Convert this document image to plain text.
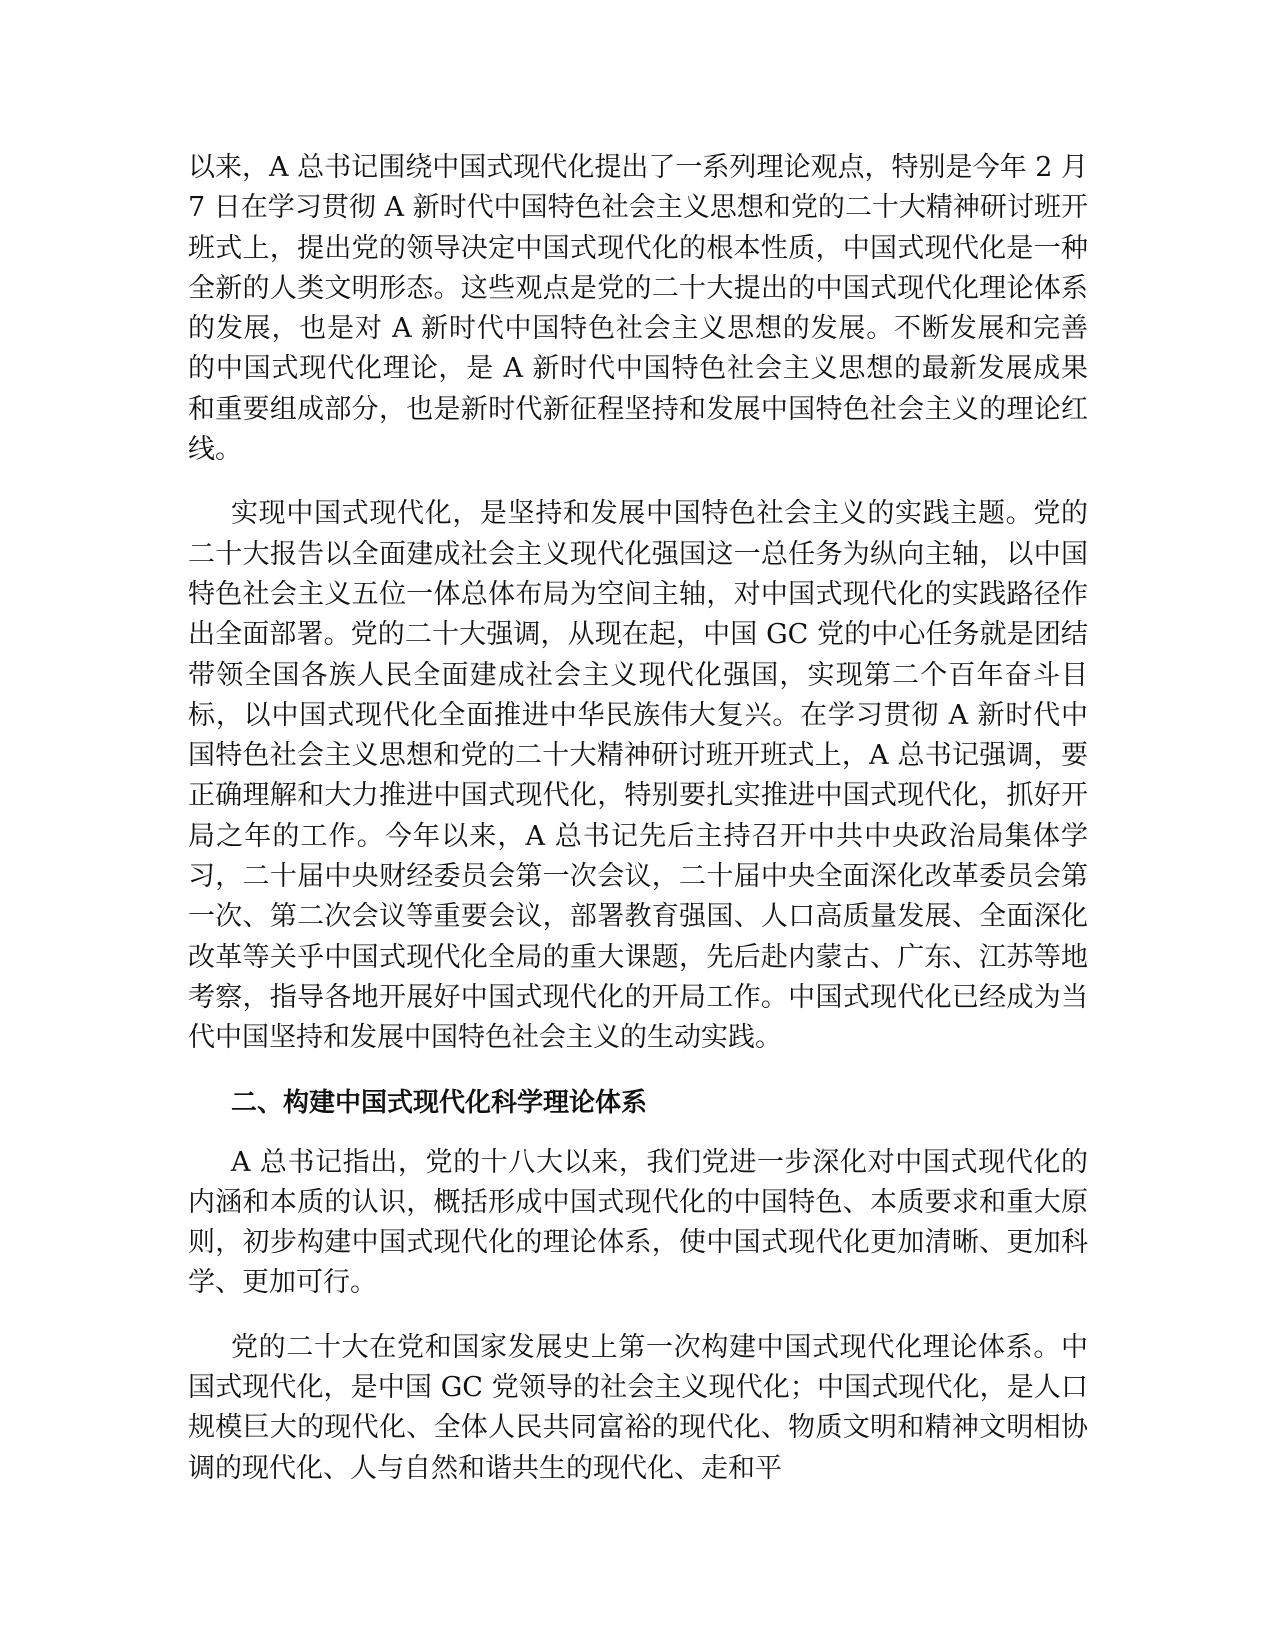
以来，A 总书记围绕中国式现代化提出了一系列理论观点，特别是今年 2 月 7 日在学习贯彻 A 新时代中国特色社会主义思想和党的二十大精神研讨班开班式上，提出党的领导决定中国式现代化的根本性质，中国式现代化是一种全新的人类文明形态。这些观点是党的二十大提出的中国式现代化理论体系的发展，也是对 A 新时代中国特色社会主义思想的发展。不断发展和完善的中国式现代化理论，是 A 新时代中国特色社会主义思想的最新发展成果和重要组成部分，也是新时代新征程坚持和发展中国特色社会主义的理论红线。

实现中国式现代化，是坚持和发展中国特色社会主义的实践主题。党的二十大报告以全面建成社会主义现代化强国这一总任务为纵向主轴，以中国特色社会主义五位一体总体布局为空间主轴，对中国式现代化的实践路径作出全面部署。党的二十大强调，从现在起，中国 GC 党的中心任务就是团结带领全国各族人民全面建成社会主义现代化强国，实现第二个百年奋斗目标，以中国式现代化全面推进中华民族伟大复兴。在学习贯彻 A 新时代中国特色社会主义思想和党的二十大精神研讨班开班式上，A 总书记强调，要正确理解和大力推进中国式现代化，特别要扎实推进中国式现代化，抓好开局之年的工作。今年以来，A 总书记先后主持召开中共中央政治局集体学习，二十届中央财经委员会第一次会议，二十届中央全面深化改革委员会第一次、第二次会议等重要会议，部署教育强国、人口高质量发展、全面深化改革等关乎中国式现代化全局的重大课题，先后赴内蒙古、广东、江苏等地考察，指导各地开展好中国式现代化的开局工作。中国式现代化已经成为当代中国坚持和发展中国特色社会主义的生动实践。

二、构建中国式现代化科学理论体系

A 总书记指出，党的十八大以来，我们党进一步深化对中国式现代化的内涵和本质的认识，概括形成中国式现代化的中国特色、本质要求和重大原则，初步构建中国式现代化的理论体系，使中国式现代化更加清晰、更加科学、更加可行。

党的二十大在党和国家发展史上第一次构建中国式现代化理论体系。中国式现代化，是中国 GC 党领导的社会主义现代化；中国式现代化，是人口规模巨大的现代化、全体人民共同富裕的现代化、物质文明和精神文明相协调的现代化、人与自然和谐共生的现代化、走和平
